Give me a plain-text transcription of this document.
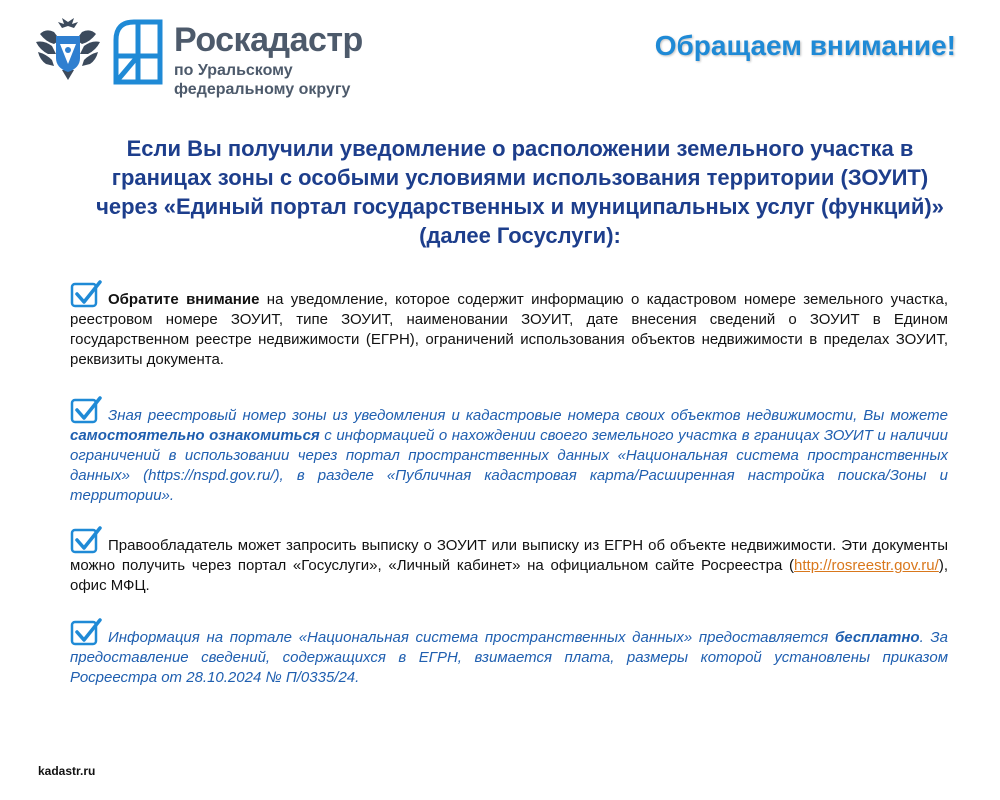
Роскадастр
по Уральскому
федеральному округу
Обращаем внимание!
Если Вы получили уведомление о расположении земельного участка в границах зоны с особыми условиями использования территории (ЗОУИТ) через «Единый портал государственных и муниципальных услуг (функций)» (далее Госуслуги):

Обратите внимание на уведомление, которое содержит информацию о кадастровом номере земельного участка, реестровом номере ЗОУИТ, типе ЗОУИТ, наименовании ЗОУИТ, дате внесения сведений о ЗОУИТ в Едином государственном реестре недвижимости (ЕГРН), ограничений использования объектов недвижимости в пределах ЗОУИТ, реквизиты документа.

Зная реестровый номер зоны из уведомления и кадастровые номера своих объектов недвижимости, Вы можете самостоятельно ознакомиться с информацией о нахождении своего земельного участка в границах ЗОУИТ и наличии ограничений в использовании через портал пространственных данных «Национальная система пространственных данных» (https://nspd.gov.ru/), в разделе «Публичная кадастровая карта/Расширенная настройка поиска/Зоны и территории».

Правообладатель может запросить выписку о ЗОУИТ или выписку из ЕГРН об объекте недвижимости. Эти документы можно получить через портал «Госуслуги», «Личный кабинет» на официальном сайте Росреестра (http://rosreestr.gov.ru/), офис МФЦ.

Информация на портале «Национальная система пространственных данных» предоставляется бесплатно. За предоставление сведений, содержащихся в ЕГРН, взимается плата, размеры которой установлены приказом Росреестра от 28.10.2024 № П/0335/24.

kadastr.ru
